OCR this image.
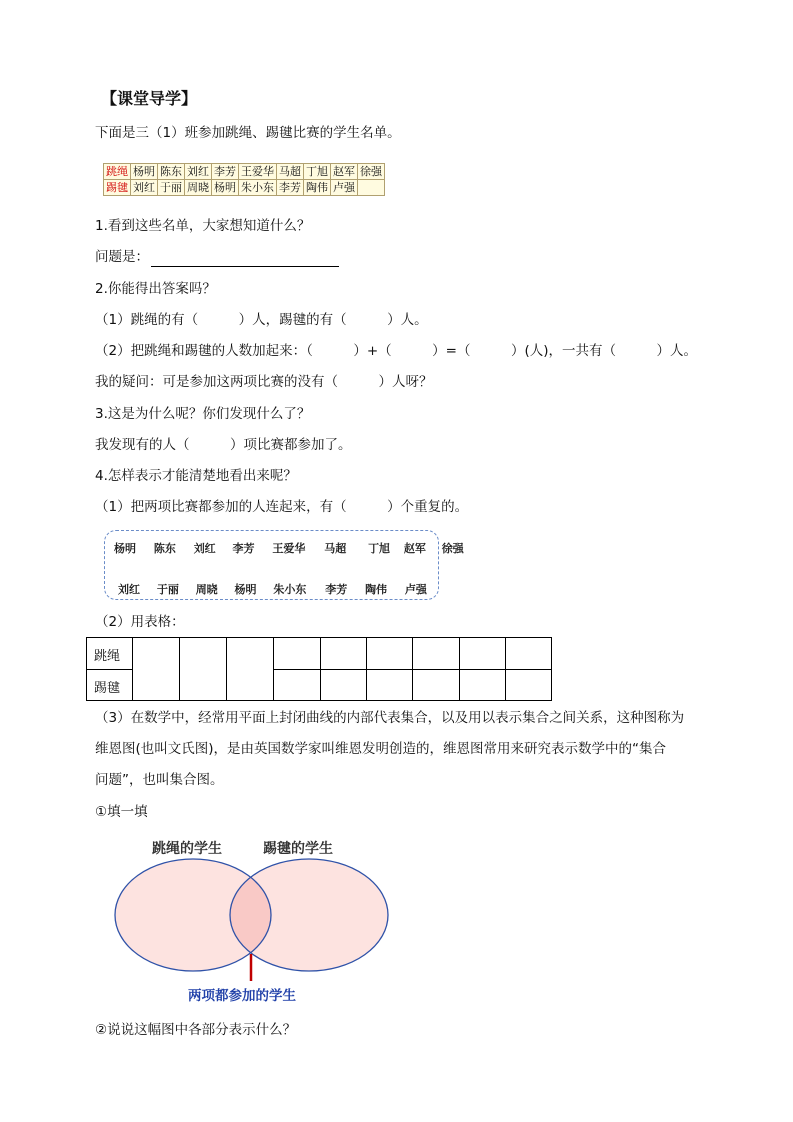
【课堂导学】
下面是三（1）班参加跳绳、踢毽比赛的学生名单。
跳绳	杨明	陈东	刘红	李芳	王爱华	马超	丁旭	赵军	徐强
踢毽	刘红	于丽	周晓	杨明	朱小东	李芳	陶伟	卢强	
1.看到这些名单，大家想知道什么？
问题是：
2.你能得出答案吗？
（1）跳绳的有（　　　）人，踢毽的有（　　　）人。
（2）把跳绳和踢毽的人数加起来：（　　　）+（　　　）=（　　　）(人)，一共有（　　　）人。
我的疑问：可是参加这两项比赛的没有（　　　）人呀？
3.这是为什么呢？你们发现什么了？
我发现有的人（　　　）项比赛都参加了。
4.怎样表示才能清楚地看出来呢？
（1）把两项比赛都参加的人连起来，有（　　　）个重复的。
杨明 陈东 刘红 李芳 王爱华 马超 丁旭 赵军 徐强
刘红 于丽 周晓 杨明 朱小东 李芳 陶伟 卢强
（2）用表格：
跳绳
踢毽
（3）在数学中，经常用平面上封闭曲线的内部代表集合，以及用以表示集合之间关系，这种图称为
维恩图(也叫文氏图)，是由英国数学家叫维恩发明创造的，维恩图常用来研究表示数学中的“集合
问题”，也叫集合图。
①填一填
跳绳的学生	踢毽的学生
两项都参加的学生
②说说这幅图中各部分表示什么？
